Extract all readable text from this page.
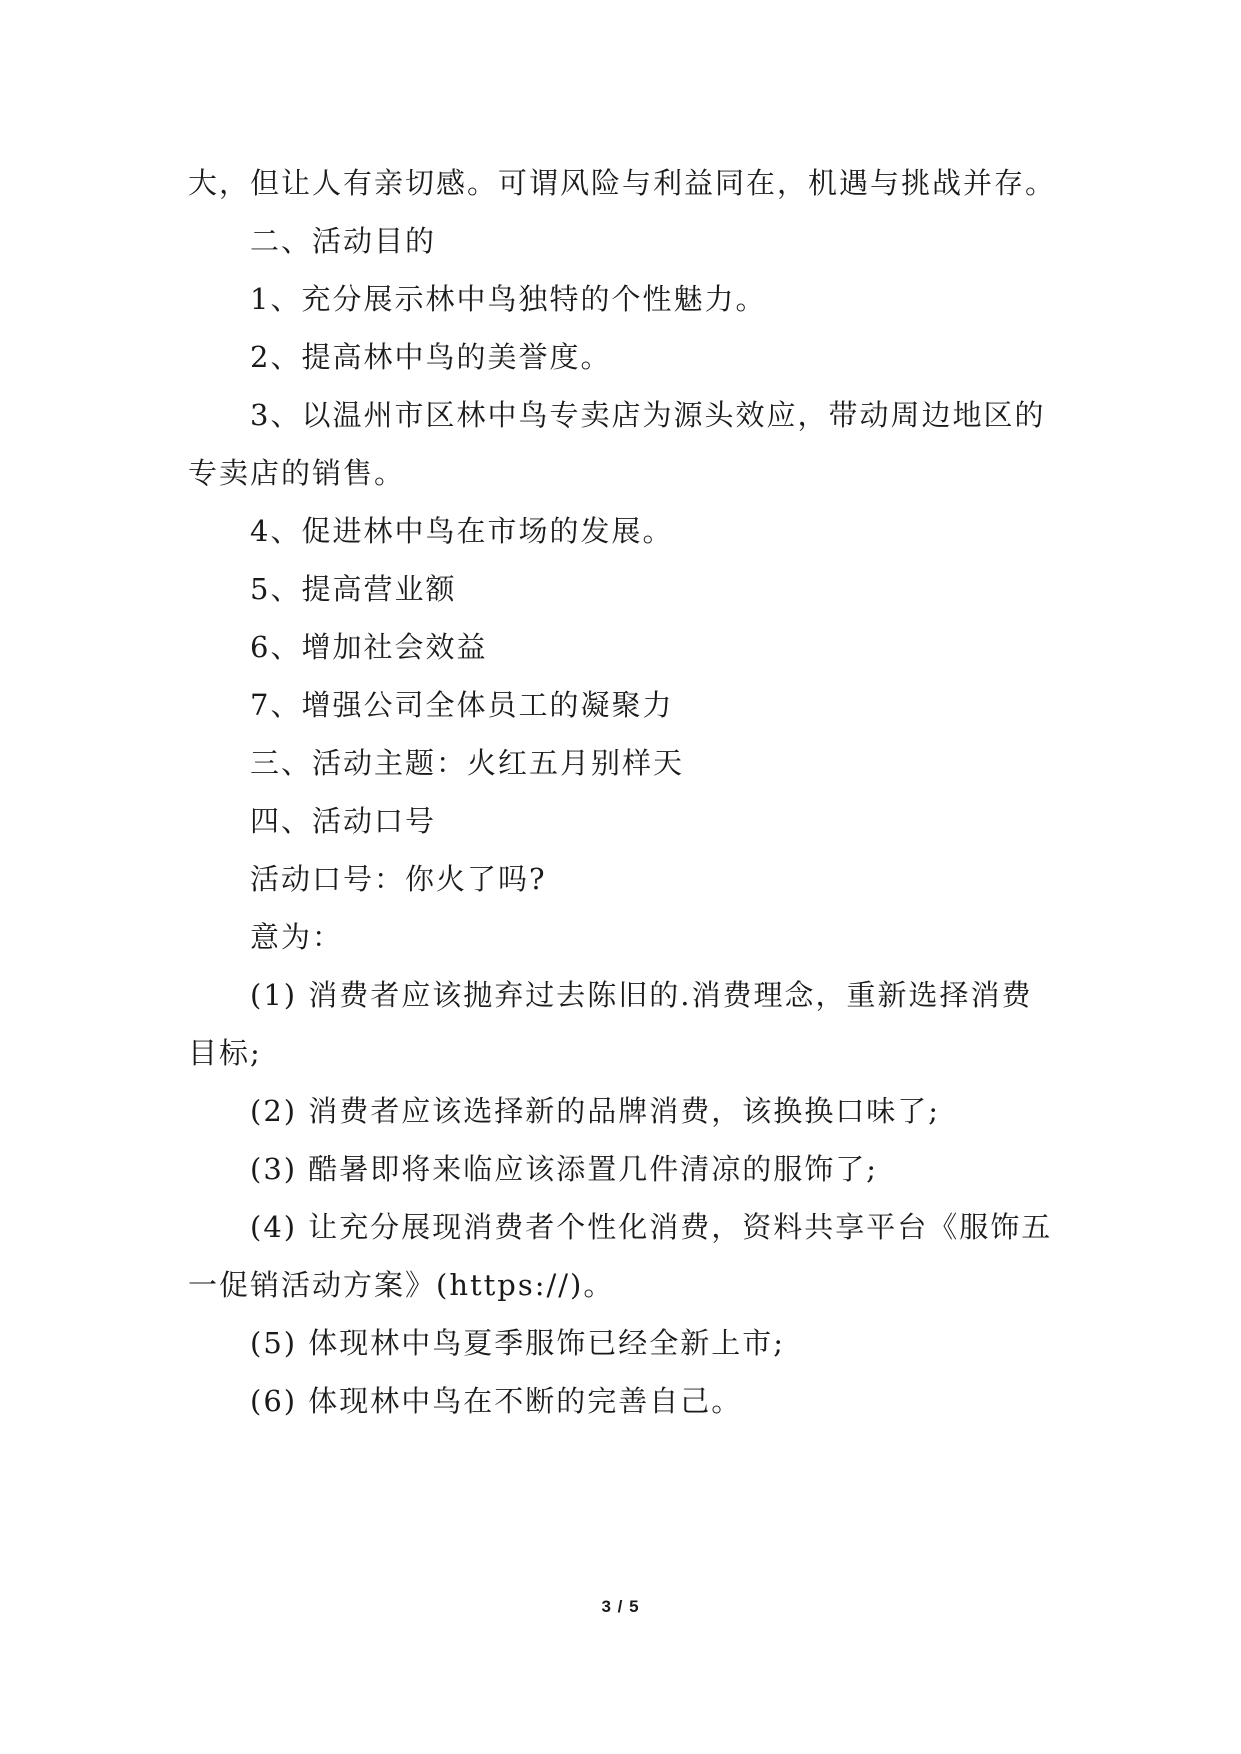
大，但让人有亲切感。可谓风险与利益同在，机遇与挑战并存。
二、活动目的
1、充分展示林中鸟独特的个性魅力。
2、提高林中鸟的美誉度。
3、以温州市区林中鸟专卖店为源头效应，带动周边地区的
专卖店的销售。
4、促进林中鸟在市场的发展。
5、提高营业额
6、增加社会效益
7、增强公司全体员工的凝聚力
三、活动主题：火红五月别样天
四、活动口号
活动口号：你火了吗?
意为：
(1) 消费者应该抛弃过去陈旧的.消费理念，重新选择消费
目标;
(2) 消费者应该选择新的品牌消费，该换换口味了;
(3) 酷暑即将来临应该添置几件清凉的服饰了;
(4) 让充分展现消费者个性化消费，资料共享平台《服饰五
一促销活动方案》(https://)。
(5) 体现林中鸟夏季服饰已经全新上市;
(6) 体现林中鸟在不断的完善自己。
3 / 5
